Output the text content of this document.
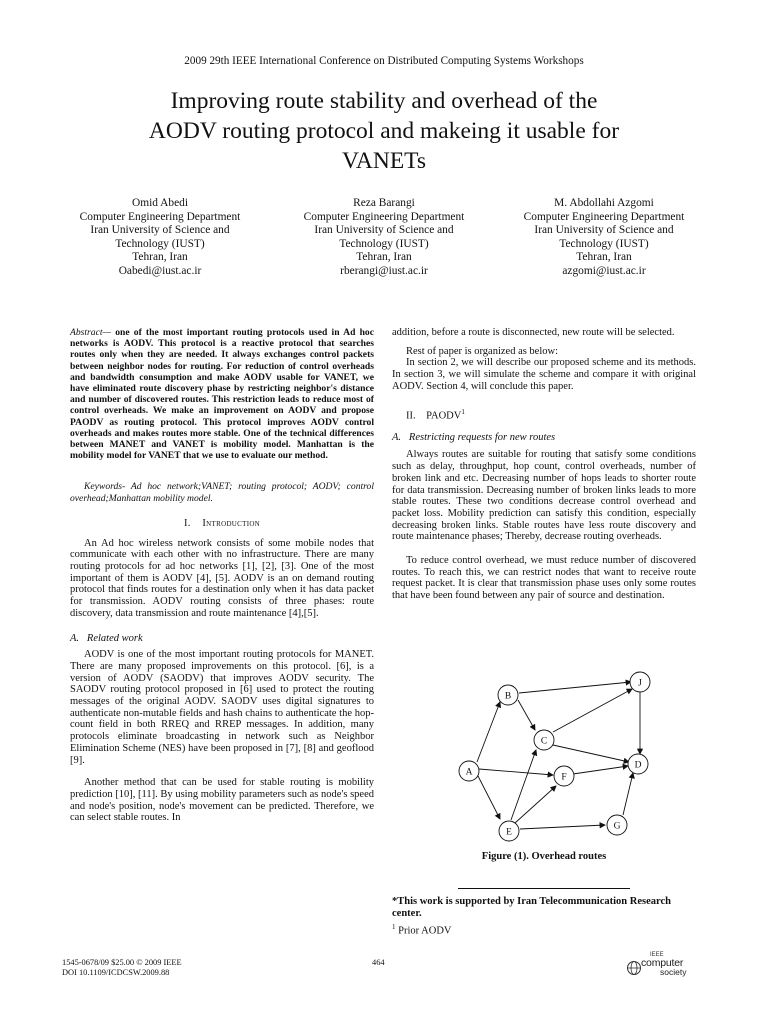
2009 29th IEEE International Conference on Distributed Computing Systems Workshops
Improving route stability and overhead of the
AODV routing protocol and makeing it usable for
VANETs
Omid Abedi
Computer Engineering Department
Iran University of Science and
Technology (IUST)
Tehran, Iran
Oabedi@iust.ac.ir
Reza Barangi
Computer Engineering Department
Iran University of Science and
Technology (IUST)
Tehran, Iran
rberangi@iust.ac.ir
M. Abdollahi Azgomi
Computer Engineering Department
Iran University of Science and
Technology (IUST)
Tehran, Iran
azgomi@iust.ac.ir

Abstract— one of the most important routing protocols used in Ad hoc networks is AODV. This protocol is a reactive protocol that searches routes only when they are needed. It always exchanges control packets between neighbor nodes for routing. For reduction of control overheads and bandwidth consumption and make AODV usable for VANET, we have eliminated route discovery phase by restricting neighbor's distance and number of discovered routes. This restriction leads to reduce most of control overheads. We make an improvement on AODV and propose PAODV as routing protocol. This protocol improves AODV control overheads and makes routes more stable. One of the technical differences between MANET and VANET is mobility model. Manhattan is the mobility model for VANET that we use to evaluate our method.

Keywords- Ad hoc network;VANET; routing protocol; AODV; control overhead;Manhattan mobility model.

I. Introduction

An Ad hoc wireless network consists of some mobile nodes that communicate with each other with no infrastructure. There are many routing protocols for ad hoc networks [1], [2], [3]. One of the most important of them is AODV [4], [5]. AODV is an on demand routing protocol that finds routes for a destination only when it has data packet for transmission. AODV routing consists of three phases: route discovery, data transmission and route maintenance [4],[5].

A. Related work

AODV is one of the most important routing protocols for MANET. There are many proposed improvements on this protocol. [6], is a version of AODV (SAODV) that improves AODV security. The SAODV routing protocol proposed in [6] used to protect the routing messages of the original AODV. SAODV uses digital signatures to authenticate non-mutable fields and hash chains to authenticate the hop-count field in both RREQ and RREP messages. In addition, many protocols eliminate broadcasting in network such as Neighbor Elimination Scheme (NES) have been proposed in [7], [8] and geoflood [9].

Another method that can be used for stable routing is mobility prediction [10], [11]. By using mobility parameters such as node's speed and node's position, node's movement can be predicted. Therefore, we can select stable routes. In

addition, before a route is disconnected, new route will be selected.

Rest of paper is organized as below:

In section 2, we will describe our proposed scheme and its methods. In section 3, we will simulate the scheme and compare it with original AODV. Section 4, will conclude this paper.

II. PAODV$^1$

A. Restricting requests for new routes

Always routes are suitable for routing that satisfy some conditions such as delay, throughput, hop count, control overheads, number of broken link and etc. Decreasing number of hops leads to shorter route for data transmission. Decreasing number of broken links leads to more stable routes. These two conditions decrease control overhead and packet loss. Mobility prediction can satisfy this condition, especially decreasing broken links. Stable routes have less route discovery and route maintenance phases; Thereby, decrease routing overheads.

To reduce control overhead, we must reduce number of discovered routes. To reach this, we can restrict nodes that want to receive route request packet. It is clear that transmission phase uses only some routes that have been found between any pair of source and destination.

A
B
C
D
E
F
G
J
Figure (1). Overhead routes
*This work is supported by Iran Telecommunication Research center.
$^1$ Prior AODV
1545-0678/09 $25.00 © 2009 IEEE
DOI 10.1109/ICDCSW.2009.88
464
IEEE
computer
society
